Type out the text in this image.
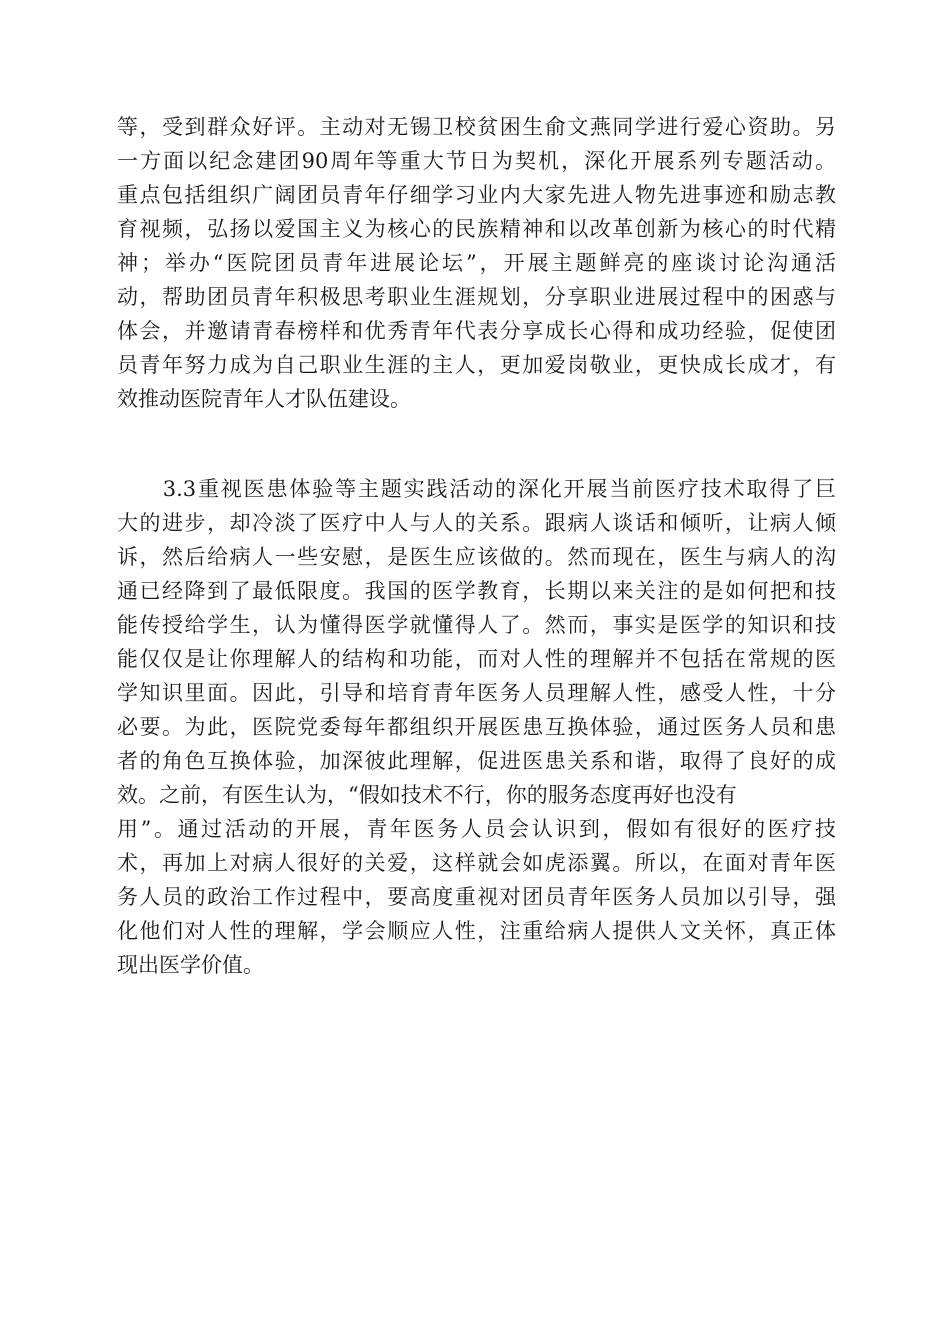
等，受到群众好评。主动对无锡卫校贫困生俞文燕同学进行爱心资助。另
一方面以纪念建团90周年等重大节日为契机，深化开展系列专题活动。
重点包括组织广阔团员青年仔细学习业内大家先进人物先进事迹和励志教
育视频，弘扬以爱国主义为核心的民族精神和以改革创新为核心的时代精
神；举办“医院团员青年进展论坛”，开展主题鲜亮的座谈讨论沟通活
动，帮助团员青年积极思考职业生涯规划，分享职业进展过程中的困惑与
体会，并邀请青春榜样和优秀青年代表分享成长心得和成功经验，促使团
员青年努力成为自己职业生涯的主人，更加爱岗敬业，更快成长成才，有
效推动医院青年人才队伍建设。
　　3.3重视医患体验等主题实践活动的深化开展当前医疗技术取得了巨
大的进步，却冷淡了医疗中人与人的关系。跟病人谈话和倾听，让病人倾
诉，然后给病人一些安慰，是医生应该做的。然而现在，医生与病人的沟
通已经降到了最低限度。我国的医学教育，长期以来关注的是如何把和技
能传授给学生，认为懂得医学就懂得人了。然而，事实是医学的知识和技
能仅仅是让你理解人的结构和功能，而对人性的理解并不包括在常规的医
学知识里面。因此，引导和培育青年医务人员理解人性，感受人性，十分
必要。为此，医院党委每年都组织开展医患互换体验，通过医务人员和患
者的角色互换体验，加深彼此理解，促进医患关系和谐，取得了良好的成
效。之前，有医生认为，“假如技术不行，你的服务态度再好也没有
用”。通过活动的开展，青年医务人员会认识到，假如有很好的医疗技
术，再加上对病人很好的关爱，这样就会如虎添翼。所以，在面对青年医
务人员的政治工作过程中，要高度重视对团员青年医务人员加以引导，强
化他们对人性的理解，学会顺应人性，注重给病人提供人文关怀，真正体
现出医学价值。
